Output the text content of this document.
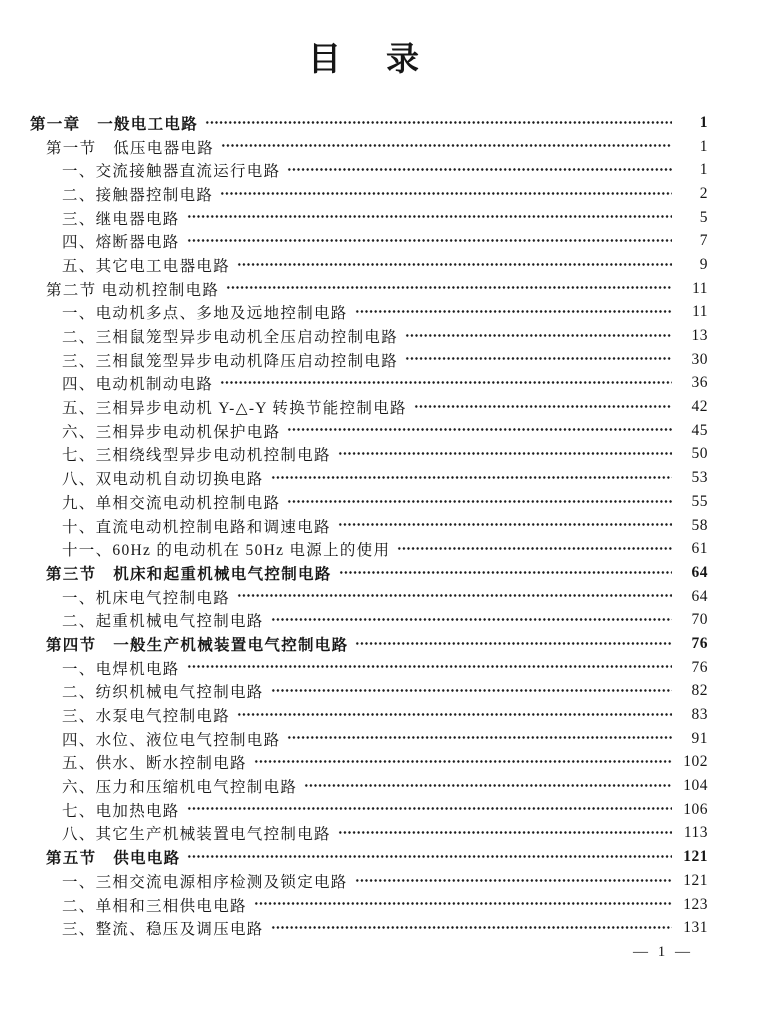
目　录
第一章　一般电工电路	1
第一节　低压电器电路	1
一、交流接触器直流运行电路	1
二、接触器控制电路	2
三、继电器电路	5
四、熔断器电路	7
五、其它电工电器电路	9
第二节 电动机控制电路	11
一、电动机多点、多地及远地控制电路	11
二、三相鼠笼型异步电动机全压启动控制电路	13
三、三相鼠笼型异步电动机降压启动控制电路	30
四、电动机制动电路	36
五、三相异步电动机 Y-△-Y 转换节能控制电路	42
六、三相异步电动机保护电路	45
七、三相绕线型异步电动机控制电路	50
八、双电动机自动切换电路	53
九、单相交流电动机控制电路	55
十、直流电动机控制电路和调速电路	58
十一、60Hz 的电动机在 50Hz 电源上的使用	61
第三节　机床和起重机械电气控制电路	64
一、机床电气控制电路	64
二、起重机械电气控制电路	70
第四节　一般生产机械装置电气控制电路	76
一、电焊机电路	76
二、纺织机械电气控制电路	82
三、水泵电气控制电路	83
四、水位、液位电气控制电路	91
五、供水、断水控制电路	102
六、压力和压缩机电气控制电路	104
七、电加热电路	106
八、其它生产机械装置电气控制电路	113
第五节　供电电路	121
一、三相交流电源相序检测及锁定电路	121
二、单相和三相供电电路	123
三、整流、稳压及调压电路	131
— 1 —
